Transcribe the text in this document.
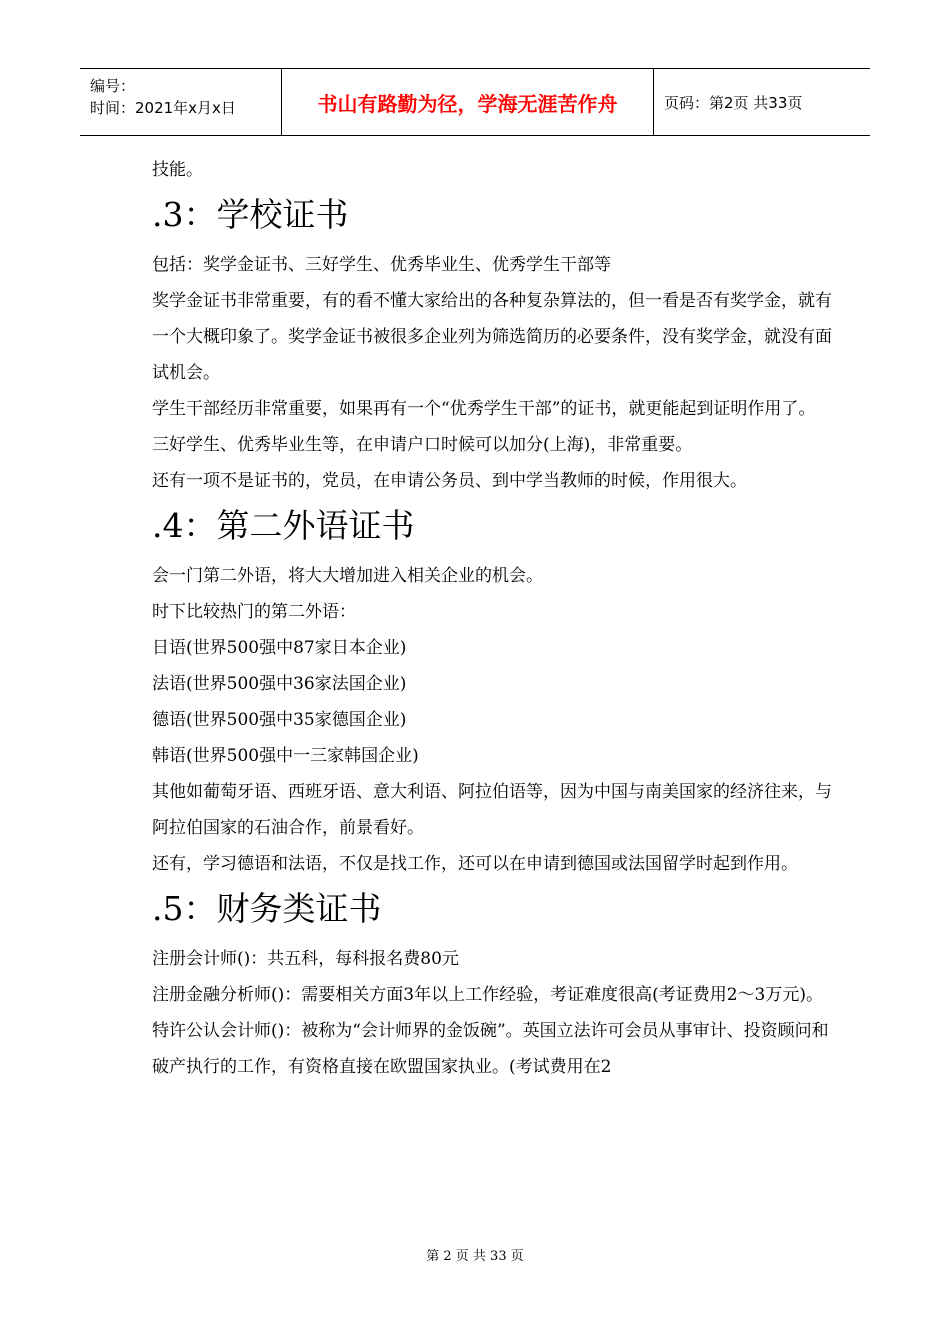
编号：
时间：2021年x月x日	书山有路勤为径，学海无涯苦作舟	页码：第2页 共33页

技能。

.3：学校证书

包括：奖学金证书、三好学生、优秀毕业生、优秀学生干部等

奖学金证书非常重要，有的看不懂大家给出的各种复杂算法的，但一看是否有奖学金，就有一个大概印象了。奖学金证书被很多企业列为筛选简历的必要条件，没有奖学金，就没有面试机会。

学生干部经历非常重要，如果再有一个“优秀学生干部”的证书，就更能起到证明作用了。

三好学生、优秀毕业生等，在申请户口时候可以加分(上海)，非常重要。

还有一项不是证书的，党员，在申请公务员、到中学当教师的时候，作用很大。

.4：第二外语证书

会一门第二外语，将大大增加进入相关企业的机会。

时下比较热门的第二外语：

日语(世界500强中87家日本企业)

法语(世界500强中36家法国企业)

德语(世界500强中35家德国企业)

韩语(世界500强中一三家韩国企业)

其他如葡萄牙语、西班牙语、意大利语、阿拉伯语等，因为中国与南美国家的经济往来，与阿拉伯国家的石油合作，前景看好。

还有，学习德语和法语，不仅是找工作，还可以在申请到德国或法国留学时起到作用。

.5：财务类证书

注册会计师()：共五科，每科报名费80元

注册金融分析师()：需要相关方面3年以上工作经验，考证难度很高(考证费用2～3万元)。

特许公认会计师()：被称为“会计师界的金饭碗”。英国立法许可会员从事审计、投资顾问和破产执行的工作，有资格直接在欧盟国家执业。(考试费用在2

第 2 页 共 33 页
